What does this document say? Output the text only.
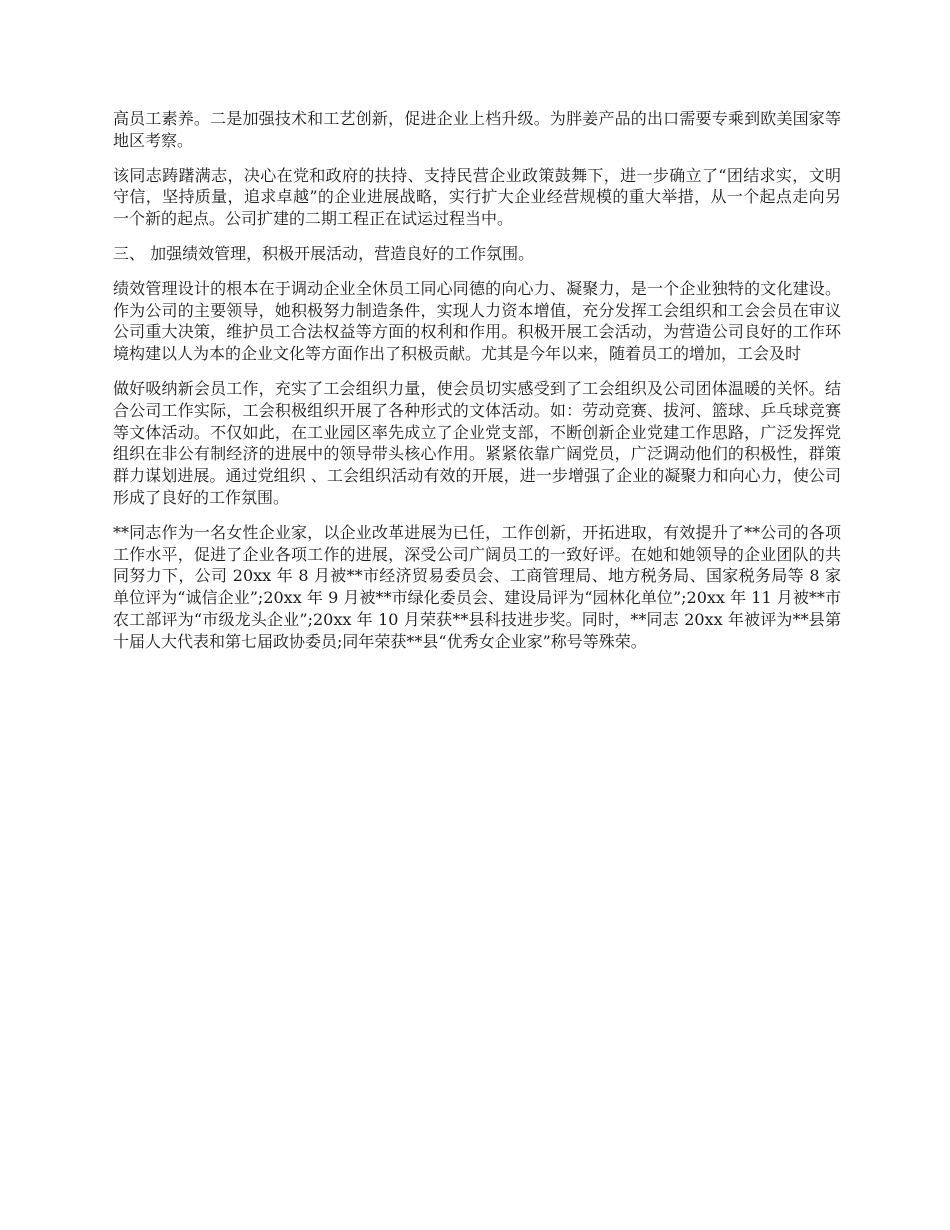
高员工素养。二是加强技术和工艺创新，促进企业上档升级。为胖姜产品的出口需要专乘到欧美国家等地区考察。

该同志踌躇满志，决心在党和政府的扶持、支持民营企业政策鼓舞下，进一步确立了“团结求实，文明守信，坚持质量，追求卓越”的企业进展战略，实行扩大企业经营规模的重大举措，从一个起点走向另一个新的起点。公司扩建的二期工程正在试运过程当中。

三、 加强绩效管理，积极开展活动，营造良好的工作氛围。

绩效管理设计的根本在于调动企业全休员工同心同德的向心力、凝聚力，是一个企业独特的文化建设。作为公司的主要领导，她积极努力制造条件，实现人力资本增值，充分发挥工会组织和工会会员在审议公司重大决策，维护员工合法权益等方面的权利和作用。积极开展工会活动，为营造公司良好的工作环境构建以人为本的企业文化等方面作出了积极贡献。尤其是今年以来，随着员工的增加，工会及时

做好吸纳新会员工作，充实了工会组织力量，使会员切实感受到了工会组织及公司团体温暖的关怀。结合公司工作实际，工会积极组织开展了各种形式的文体活动。如：劳动竞赛、拔河、篮球、乒乓球竞赛等文体活动。不仅如此，在工业园区率先成立了企业党支部，不断创新企业党建工作思路，广泛发挥党组织在非公有制经济的进展中的领导带头核心作用。紧紧依靠广阔党员，广泛调动他们的积极性，群策群力谋划进展。通过党组织 、工会组织活动有效的开展，进一步增强了企业的凝聚力和向心力，使公司形成了良好的工作氛围。

**同志作为一名女性企业家，以企业改革进展为已任，工作创新，开拓进取，有效提升了**公司的各项工作水平，促进了企业各项工作的进展，深受公司广阔员工的一致好评。在她和她领导的企业团队的共同努力下，公司 20xx 年 8 月被**市经济贸易委员会、工商管理局、地方税务局、国家税务局等 8 家单位评为“诚信企业”;20xx 年 9 月被**市绿化委员会、建设局评为“园林化单位”;20xx 年 11 月被**市农工部评为“市级龙头企业”;20xx 年 10 月荣获**县科技进步奖。同时，**同志 20xx 年被评为**县第十届人大代表和第七届政协委员;同年荣获**县“优秀女企业家”称号等殊荣。
